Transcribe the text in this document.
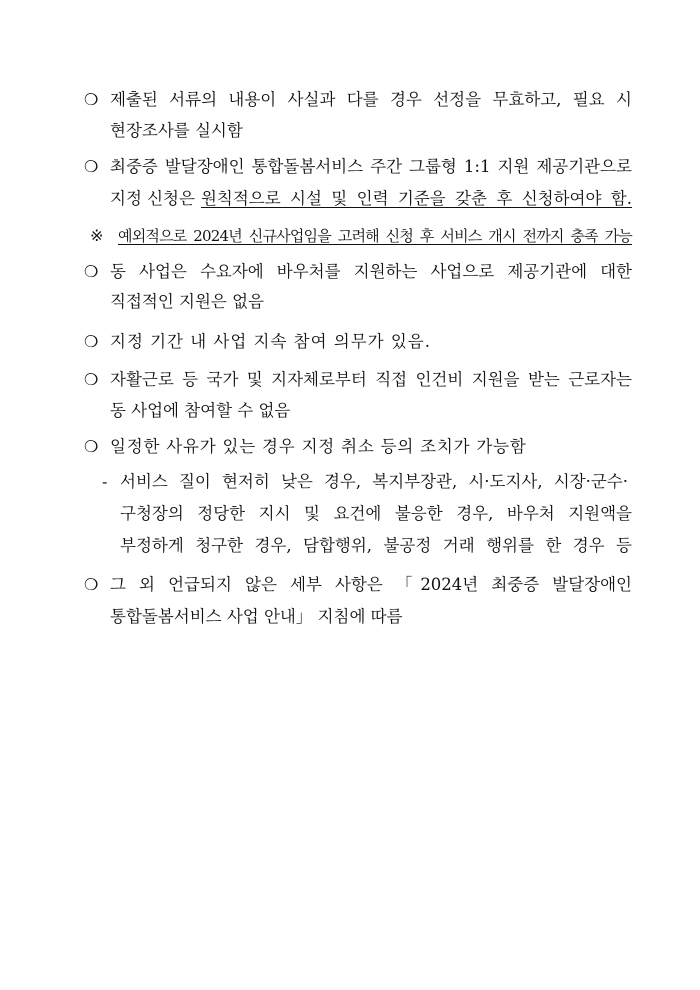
❍ 제출된 서류의 내용이 사실과 다를 경우 선정을 무효하고, 필요 시
현장조사를 실시함
❍ 최중증 발달장애인 통합돌봄서비스 주간 그룹형 1:1 지원 제공기관으로
지정 신청은 원칙적으로 시설 및 인력 기준을 갖춘 후 신청하여야 함.
※ 예외적으로 2024년 신규사업임을 고려해 신청 후 서비스 개시 전까지 충족 가능
❍ 동 사업은 수요자에 바우처를 지원하는 사업으로 제공기관에 대한
직접적인 지원은 없음
❍ 지정 기간 내 사업 지속 참여 의무가 있음.
❍ 자활근로 등 국가 및 지자체로부터 직접 인건비 지원을 받는 근로자는
동 사업에 참여할 수 없음
❍ 일정한 사유가 있는 경우 지정 취소 등의 조치가 가능함
- 서비스 질이 현저히 낮은 경우, 복지부장관, 시·도지사, 시장·군수·
구청장의 정당한 지시 및 요건에 불응한 경우, 바우처 지원액을
부정하게 청구한 경우, 담합행위, 불공정 거래 행위를 한 경우 등
❍ 그 외 언급되지 않은 세부 사항은 「2024년 최중증 발달장애인
통합돌봄서비스 사업 안내」 지침에 따름
